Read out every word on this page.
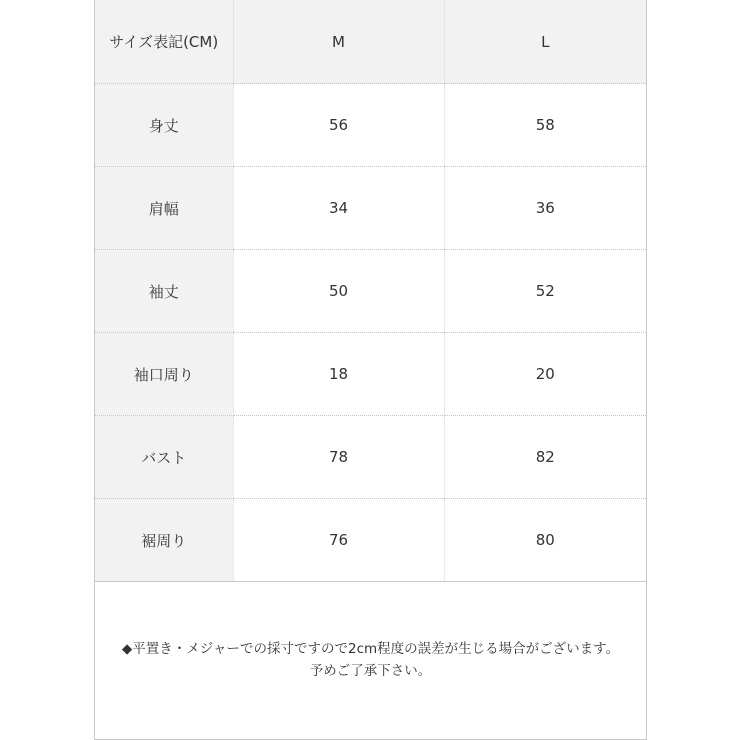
サイズ表記(CM)	M	L
身丈	56	58
肩幅	34	36
袖丈	50	52
袖口周り	18	20
バスト	78	82
裾周り	76	80
◆平置き・メジャーでの採寸ですので2cm程度の誤差が生じる場合がございます。
予めご了承下さい。
